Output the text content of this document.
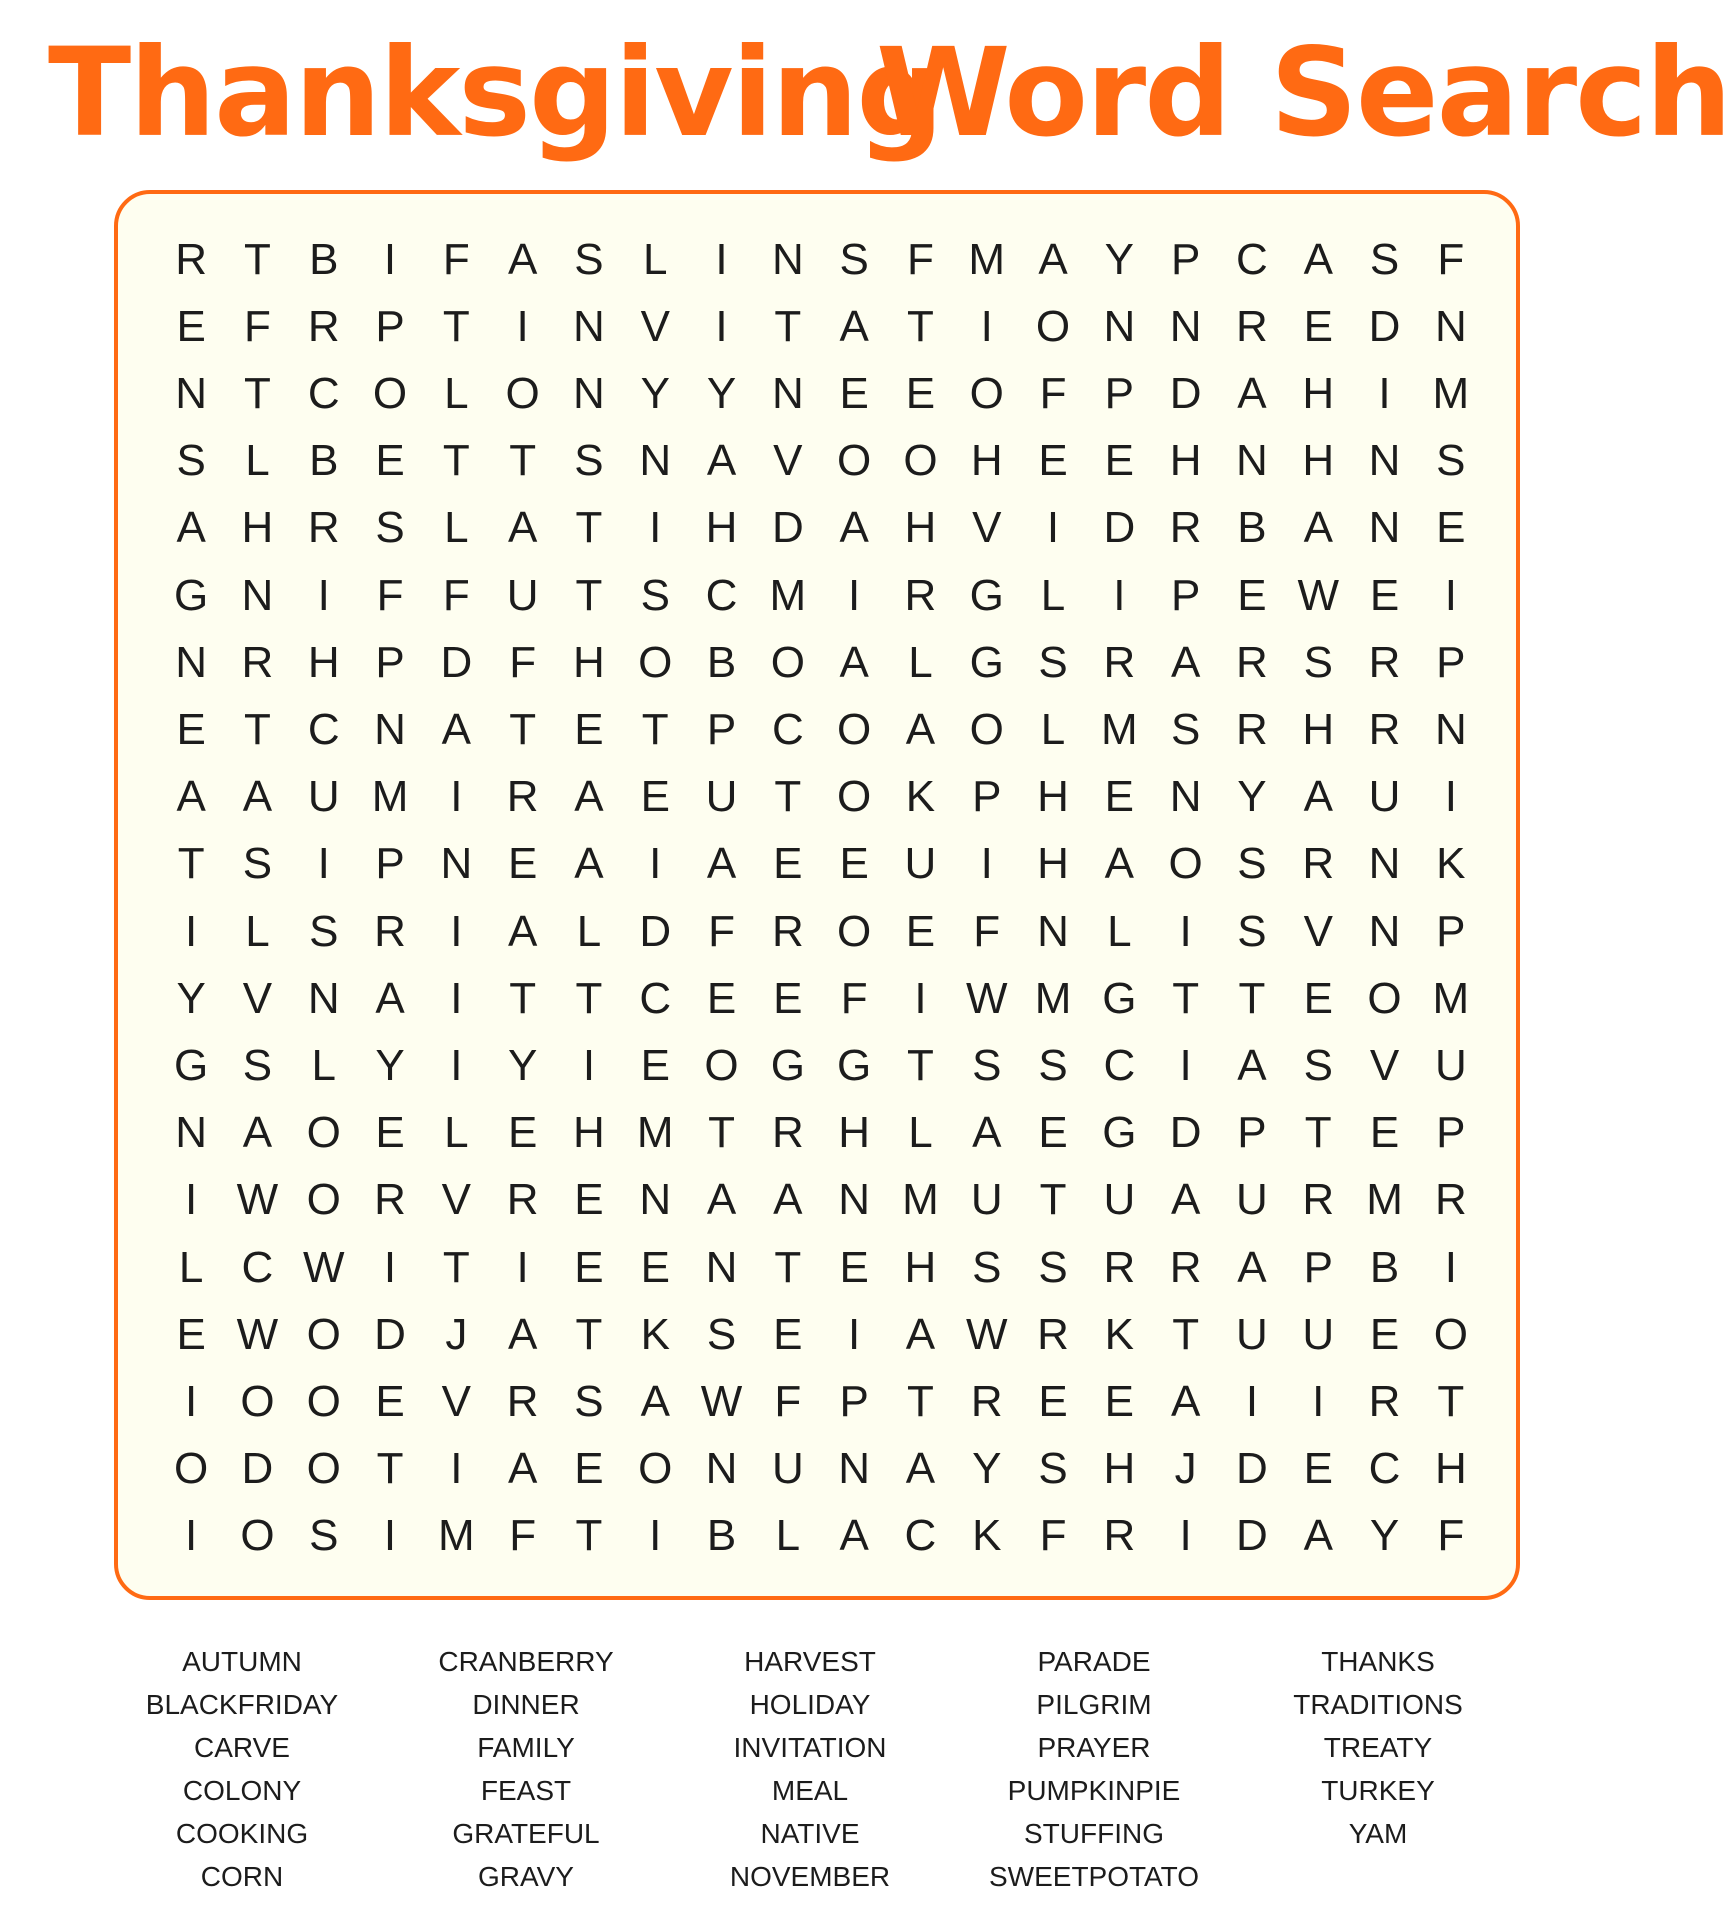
Thanksgiving
Word Search
R T B	I	F A S L	I	N S F M A Y P C A S F
E F R P T	I	N V	I	T A T	I O N N R E D N
N T C O L O N Y Y N E E O F P D A H	I M
S L B E T T S N A V O O H E E H N H N S
A H R S L A T	I	H D A H V	I	D R B A N E
G N	I	F F U T S C M I	R G L	I	P E W E	I
N R H P D F H O B O A L G S R A R S R P
E T C N A T E T P C O A O L M S R H R N
A A U M I	R A E U T O K P H E N Y A U	I
T S	I	P N E A	I	A E E U	I	H A O S R N K
I	L S R	I	A L D F R O E F N L	I	S V N P
Y V N A	I	T T C E E F	I W M G T T E O M
G S L Y	I	Y	I	E O G G T S S C	I	A S V U
N A O E L E H M T R H L A E G D P T E P
I W O R V R E N A A N M U T U A U R M R
L C W I	T	I	E E N T E H S S R R A P B	I
E W O D J A T K S E	I	A W R K T U U E O
I O O E V R S A W F P T R E E A	I	I	R T
O D O T	I	A E O N U N A Y S H J D E C H
I O S	I M F T	I	B L A C K F R	I	D A Y F
AUTUMN
BLACKFRIDAY
CARVE
COLONY
COOKING
CORN
CRANBERRY
DINNER
FAMILY
FEAST
GRATEFUL
GRAVY
HARVEST
HOLIDAY
INVITATION
MEAL
NATIVE
NOVEMBER
PARADE
PILGRIM
PRAYER
PUMPKINPIE
STUFFING
SWEETPOTATO
THANKS
TRADITIONS
TREATY
TURKEY
YAM
